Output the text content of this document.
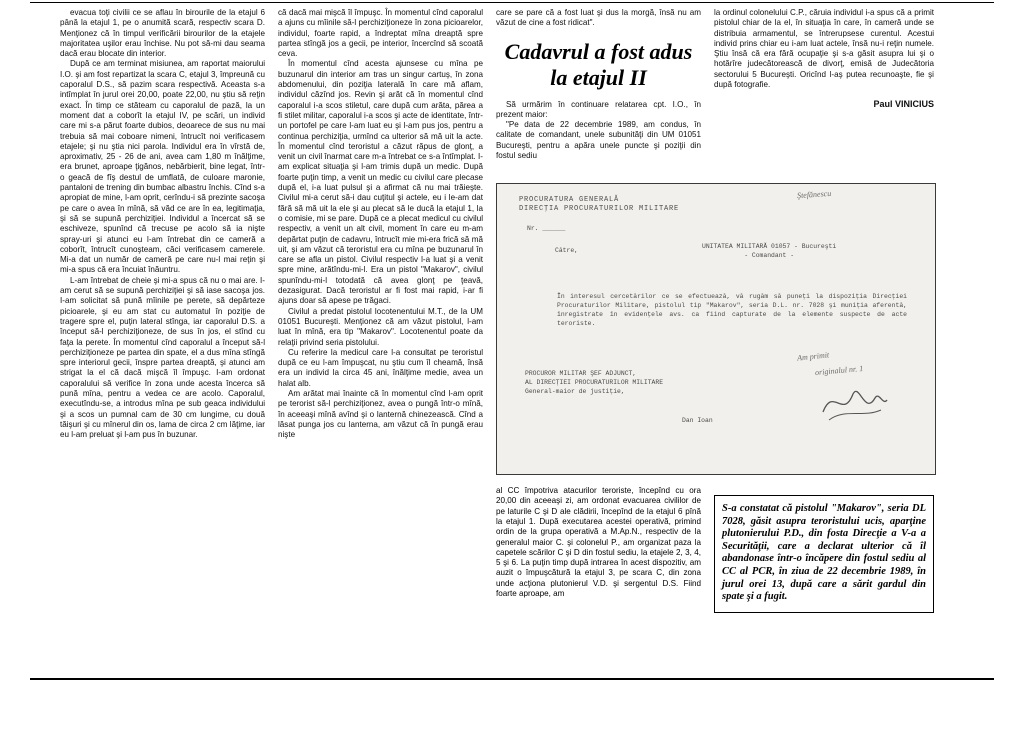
evacua toţi civilii ce se aflau în birourile de la etajul 6 până la etajul 1, pe o anumită scară, respectiv scara D. Menţionez că în timpul verificării birourilor de la etajele majoritatea uşilor erau închise. Nu pot să-mi dau seama dacă erau blocate din interior.

După ce am terminat misiunea, am raportat maiorului I.O. şi am fost repartizat la scara C, etajul 3, împreună cu caporalul D.S., să pazim scara respectivă. Aceasta s-a intîmplat în jurul orei 20,00, poate 22,00, nu ştiu să reţin exact. În timp ce stăteam cu caporalul de pază, la un moment dat a coborît la etajul IV, pe scări, un individ care mi s-a părut foarte dubios, deoarece de sus nu mai trebuia să mai coboare nimeni, întrucît noi verificasem etajele; şi nu ştia nici parola. Individul era în vîrstă de, aproximativ, 25 - 26 de ani, avea cam 1,80 m înălţime, era brunet, aproape ţigănos, nebărbierit, bine legat, într-o geacă de fîş destul de umflată, de culoare maronie, pantaloni de trening din bumbac albastru închis. Cînd s-a apropiat de mine, l-am oprit, cerîndu-i să prezinte sacoşa pe care o avea în mînă, să văd ce are în ea, legitimaţia, şi să se supună perchiziţiei. Individul a încercat să se eschiveze, spunînd că trecuse pe acolo să ia nişte spray-uri şi atunci eu l-am întrebat din ce cameră a coborît, întrucît cunoşteam, căci verificasem camerele. Mi-a dat un număr de cameră pe care nu-l mai reţin şi mi-a spus că era încuiat înăuntru.

L-am întrebat de cheie şi mi-a spus că nu o mai are. I-am cerut să se supună perchiziţiei şi să iase sacoşa jos. I-am solicitat să pună mîinile pe perete, să depărteze picioarele, şi eu am stat cu automatul în poziţie de tragere spre el, puţin lateral stînga, iar caporalul D.S. a început să-l perchiziţioneze, de sus în jos, el stînd cu faţa la perete. În momentul cînd caporalul a început să-l perchiziţioneze pe partea din spate, el a dus mîna stîngă spre interiorul gecii, înspre partea dreaptă, şi atunci am strigat la el că dacă mişcă îl împuşc. I-am ordonat caporalului să verifice în zona unde acesta încerca să pună mîna, pentru a vedea ce are acolo. Caporalul, executîndu-se, a introdus mîna pe sub geaca individului şi a scos un pumnal cam de 30 cm lungime, cu două tăişuri şi cu mînerul din os, lama de circa 2 cm lăţime, iar eu l-am preluat şi l-am pus în buzunar.

că dacă mai mişcă îl împuşc. În momentul cînd caporalul a ajuns cu mîinile să-l perchiziţioneze în zona picioarelor, individul, foarte rapid, a îndreptat mîna dreaptă spre partea stîngă jos a gecii, pe interior, încercînd să scoată ceva.

În momentul cînd acesta ajunsese cu mîna pe buzunarul din interior am tras un singur cartuş, în zona abdomenului, din poziţia laterală în care mă aflam, individul căzînd jos. Revin şi arăt că în momentul cînd caporalul i-a scos stiletul, care după cum arăta, părea a fi stilet militar, caporalul i-a scos şi acte de identitate, într-un portofel pe care l-am luat eu şi l-am pus jos, pentru a continua perchiziţia, urmînd ca ulterior să mă uit la acte. În momentul cînd teroristul a căzut răpus de glonţ, a venit un civil înarmat care m-a întrebat ce s-a întîmplat. I-am explicat situaţia şi l-am trimis după un medic. După foarte puţin timp, a venit un medic cu civilul care plecase după el, i-a luat pulsul şi a afirmat că nu mai trăieşte. Civilul mi-a cerut să-i dau cuţitul şi actele, eu i le-am dat fără să mă uit la ele şi au plecat să le ducă la etajul 1, la o comisie, mi se pare. După ce a plecat medicul cu civilul respectiv, a venit un alt civil, moment în care eu m-am depărtat puţin de cadavru, întrucît mie mi-era frică să mă uit, şi am văzut că teroristul era cu mîna pe buzunarul în care se afla un pistol. Civilul respectiv l-a luat şi a venit spre mine, arătîndu-mi-l. Era un pistol "Makarov", civilul spunîndu-mi-l totodată că avea glonţ pe ţeavă, dezasigurat. Dacă teroristul ar fi fost mai rapid, i-ar fi ajuns doar să apese pe trăgaci.

Civilul a predat pistolul locotenentului M.T., de la UM 01051 Bucureşti. Menţionez că am văzut pistolul, l-am luat în mînă, era tip "Makarov". Locotenentul poate da relaţii privind seria pistolului.

Cu referire la medicul care l-a consultat pe teroristul după ce eu l-am împuşcat, nu ştiu cum îl cheamă, însă era un individ la circa 45 ani, înălţime medie, avea un halat alb.

Am arătat mai înainte că în momentul cînd l-am oprit pe terorist să-l perchiziţionez, avea o pungă într-o mînă, în aceeaşi mînă avînd şi o lanternă chinezească. Cînd a lăsat punga jos cu lanterna, am văzut că în pungă erau nişte

care se pare că a fost luat şi dus la morgă, însă nu am văzut de cine a fost ridicat".

Cadavrul a fost adus la etajul II

Să urmărim în continuare relatarea cpt. I.O., în prezent maior:

"Pe data de 22 decembrie 1989, am condus, în calitate de comandant, unele subunităţi din UM 01051 Bucureşti, pentru a apăra unele puncte şi poziţii din fostul sediu

la ordinul colonelului C.P., căruia individul i-a spus că a primit pistolul chiar de la el, în situaţia în care, în cameră unde se distribuia armamentul, se întrerupsese curentul. Acestui individ prins chiar eu i-am luat actele, însă nu-i reţin numele. Ştiu însă că era fără ocupaţie şi s-a găsit asupra lui şi o hotărîre judecătorească de divorţ, emisă de Judecătoria sectorului 5 Bucureşti. Oricînd l-aş putea recunoaşte, fie şi după fotografie.

Paul VINICIUS
PROCURATURA GENERALĂ
DIRECŢIA PROCURATURILOR MILITARE
Nr. ______
Către,
UNITATEA MILITARĂ 01057 - Bucureşti
- Comandant -
În interesul cercetărilor ce se efectuează, vă rugăm să puneţi la dispoziţia Direcţiei Procuraturilor Militare, pistolul tip "Makarov", seria D.L. nr. 7028 şi muniţia aferentă, înregistrate în evidenţele avs. ca fiind capturate de la elemente suspecte de acte teroriste.
PROCUROR MILITAR ŞEF ADJUNCT,
AL DIRECŢIEI PROCURATURILOR MILITARE
General-maior de justiţie,
Dan Ioan
Ştefănescu
Am primit
originalul nr. 1

al CC împotriva atacurilor teroriste, începînd cu ora 20,00 din aceeaşi zi, am ordonat evacuarea civililor de pe laturile C şi D ale clădirii, începînd de la etajul 6 pînă la etajul 1. După executarea acestei operativă, primind ordin de la grupa operativă a M.Ap.N., respectiv de la generalul maior C. şi colonelul P., am organizat paza la capetele scărilor C şi D din fostul sediu, la etajele 2, 3, 4, 5 şi 6. La puţin timp după intrarea în acest dispozitiv, am auzit o împuşcătură la etajul 3, pe scara C, din zona unde acţiona plutonierul V.D. şi sergentul D.S. Fiind foarte aproape, am

S-a constatat că pistolul "Makarov", seria DL 7028, găsit asupra teroristului ucis, aparţine plutonierului P.D., din fosta Direcţie a V-a a Securităţii, care a declarat ulterior că îl abandonase într-o încăpere din fostul sediu al CC al PCR, în ziua de 22 decembrie 1989, în jurul orei 13, după care a sărit gardul din spate şi a fugit.
